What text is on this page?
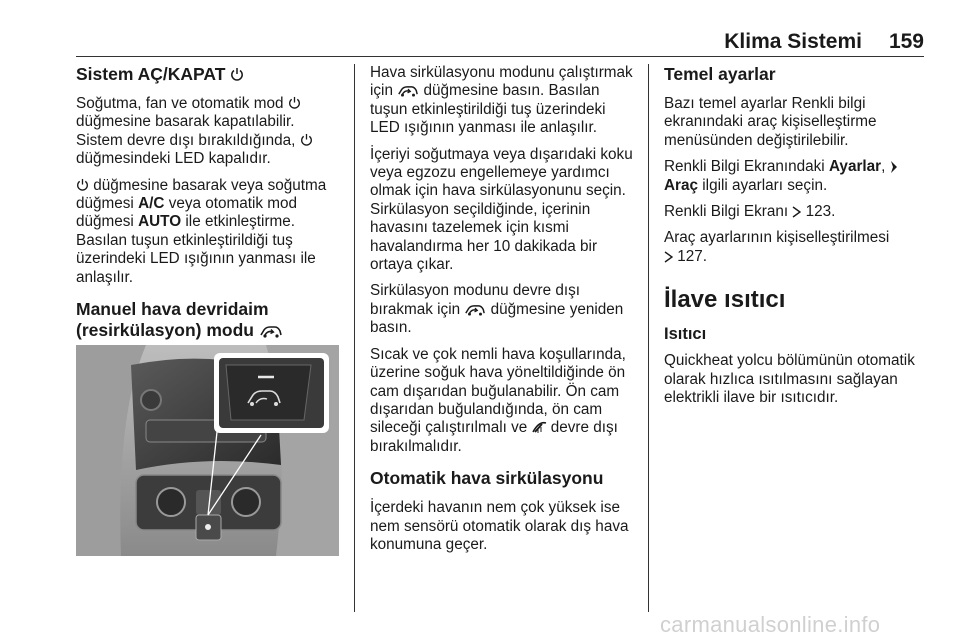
Klima Sistemi 159
Sistem AÇ/KAPAT

Soğutma, fan ve otomatik mod  düğmesine basarak kapatılabilir. Sistem devre dışı bırakıldığında,  düğmesindeki LED kapalıdır.

düğmesine basarak veya soğutma düğmesi A/C veya otomatik mod düğmesi AUTO ile etkinleştirme. Basılan tuşun etkinleştirildiği tuş üzerindeki LED ışığının yanması ile anlaşılır.

Manuel hava devridaim (resirkülasyon) modu

Hava sirkülasyonu modunu çalıştırmak için düğmesine basın. Basılan tuşun etkinleştirildiği tuş üzerindeki LED ışığının yanması ile anlaşılır.

İçeriyi soğutmaya veya dışarıdaki koku veya egzozu engellemeye yardımcı olmak için hava sirkülasyonunu seçin. Sirkülasyon seçildiğinde, içerinin havasını tazelemek için kısmi havalandırma her 10 dakikada bir ortaya çıkar.

Sirkülasyon modunu devre dışı bırakmak için düğmesine yeniden basın.

Sıcak ve çok nemli hava koşullarında, üzerine soğuk hava yöneltildiğinde ön cam dışarıdan buğulanabilir. Ön cam dışarıdan buğulandığında, ön cam sileceği çalıştırılmalı ve devre dışı bırakılmalıdır.

Otomatik hava sirkülasyonu

İçerdeki havanın nem çok yüksek ise nem sensörü otomatik olarak dış hava konumuna geçer.

Temel ayarlar

Bazı temel ayarlar Renkli bilgi ekranındaki araç kişiselleştirme menüsünden değiştirilebilir.

Renkli Bilgi Ekranındaki Ayarlar,  Araç ilgili ayarları seçin.

Renkli Bilgi Ekranı 123.

Araç ayarlarının kişiselleştirilmesi
127.

İlave ısıtıcı
Isıtıcı

Quickheat yolcu bölümünün otomatik olarak hızlıca ısıtılmasını sağlayan elektrikli ilave bir ısıtıcıdır.

carmanualsonline.info
